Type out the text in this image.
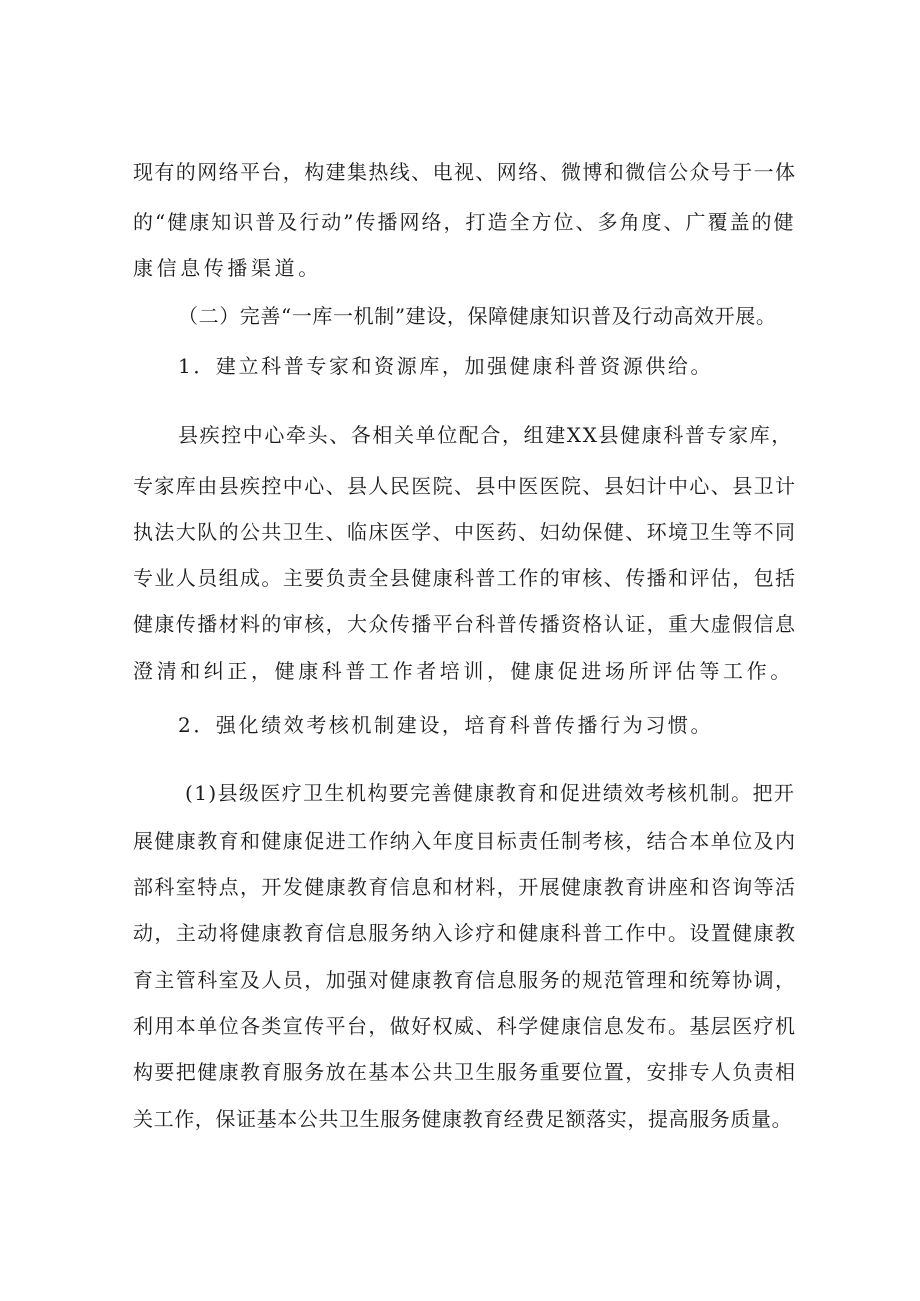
现有的网络平台，构建集热线、电视、网络、微博和微信公众号于一体
的“健康知识普及行动”传播网络，打造全方位、多角度、广覆盖的健
康信息传播渠道。
（二）完善“一库一机制”建设，保障健康知识普及行动高效开展。
1．建立科普专家和资源库，加强健康科普资源供给。
县疾控中心牵头、各相关单位配合，组建XX县健康科普专家库，
专家库由县疾控中心、县人民医院、县中医医院、县妇计中心、县卫计
执法大队的公共卫生、临床医学、中医药、妇幼保健、环境卫生等不同
专业人员组成。主要负责全县健康科普工作的审核、传播和评估，包括
健康传播材料的审核，大众传播平台科普传播资格认证，重大虚假信息
澄清和纠正，健康科普工作者培训，健康促进场所评估等工作。
2．强化绩效考核机制建设，培育科普传播行为习惯。
(1)县级医疗卫生机构要完善健康教育和促进绩效考核机制。把开
展健康教育和健康促进工作纳入年度目标责任制考核，结合本单位及内
部科室特点，开发健康教育信息和材料，开展健康教育讲座和咨询等活
动，主动将健康教育信息服务纳入诊疗和健康科普工作中。设置健康教
育主管科室及人员，加强对健康教育信息服务的规范管理和统筹协调，
利用本单位各类宣传平台，做好权威、科学健康信息发布。基层医疗机
构要把健康教育服务放在基本公共卫生服务重要位置，安排专人负责相
关工作，保证基本公共卫生服务健康教育经费足额落实，提高服务质量。
